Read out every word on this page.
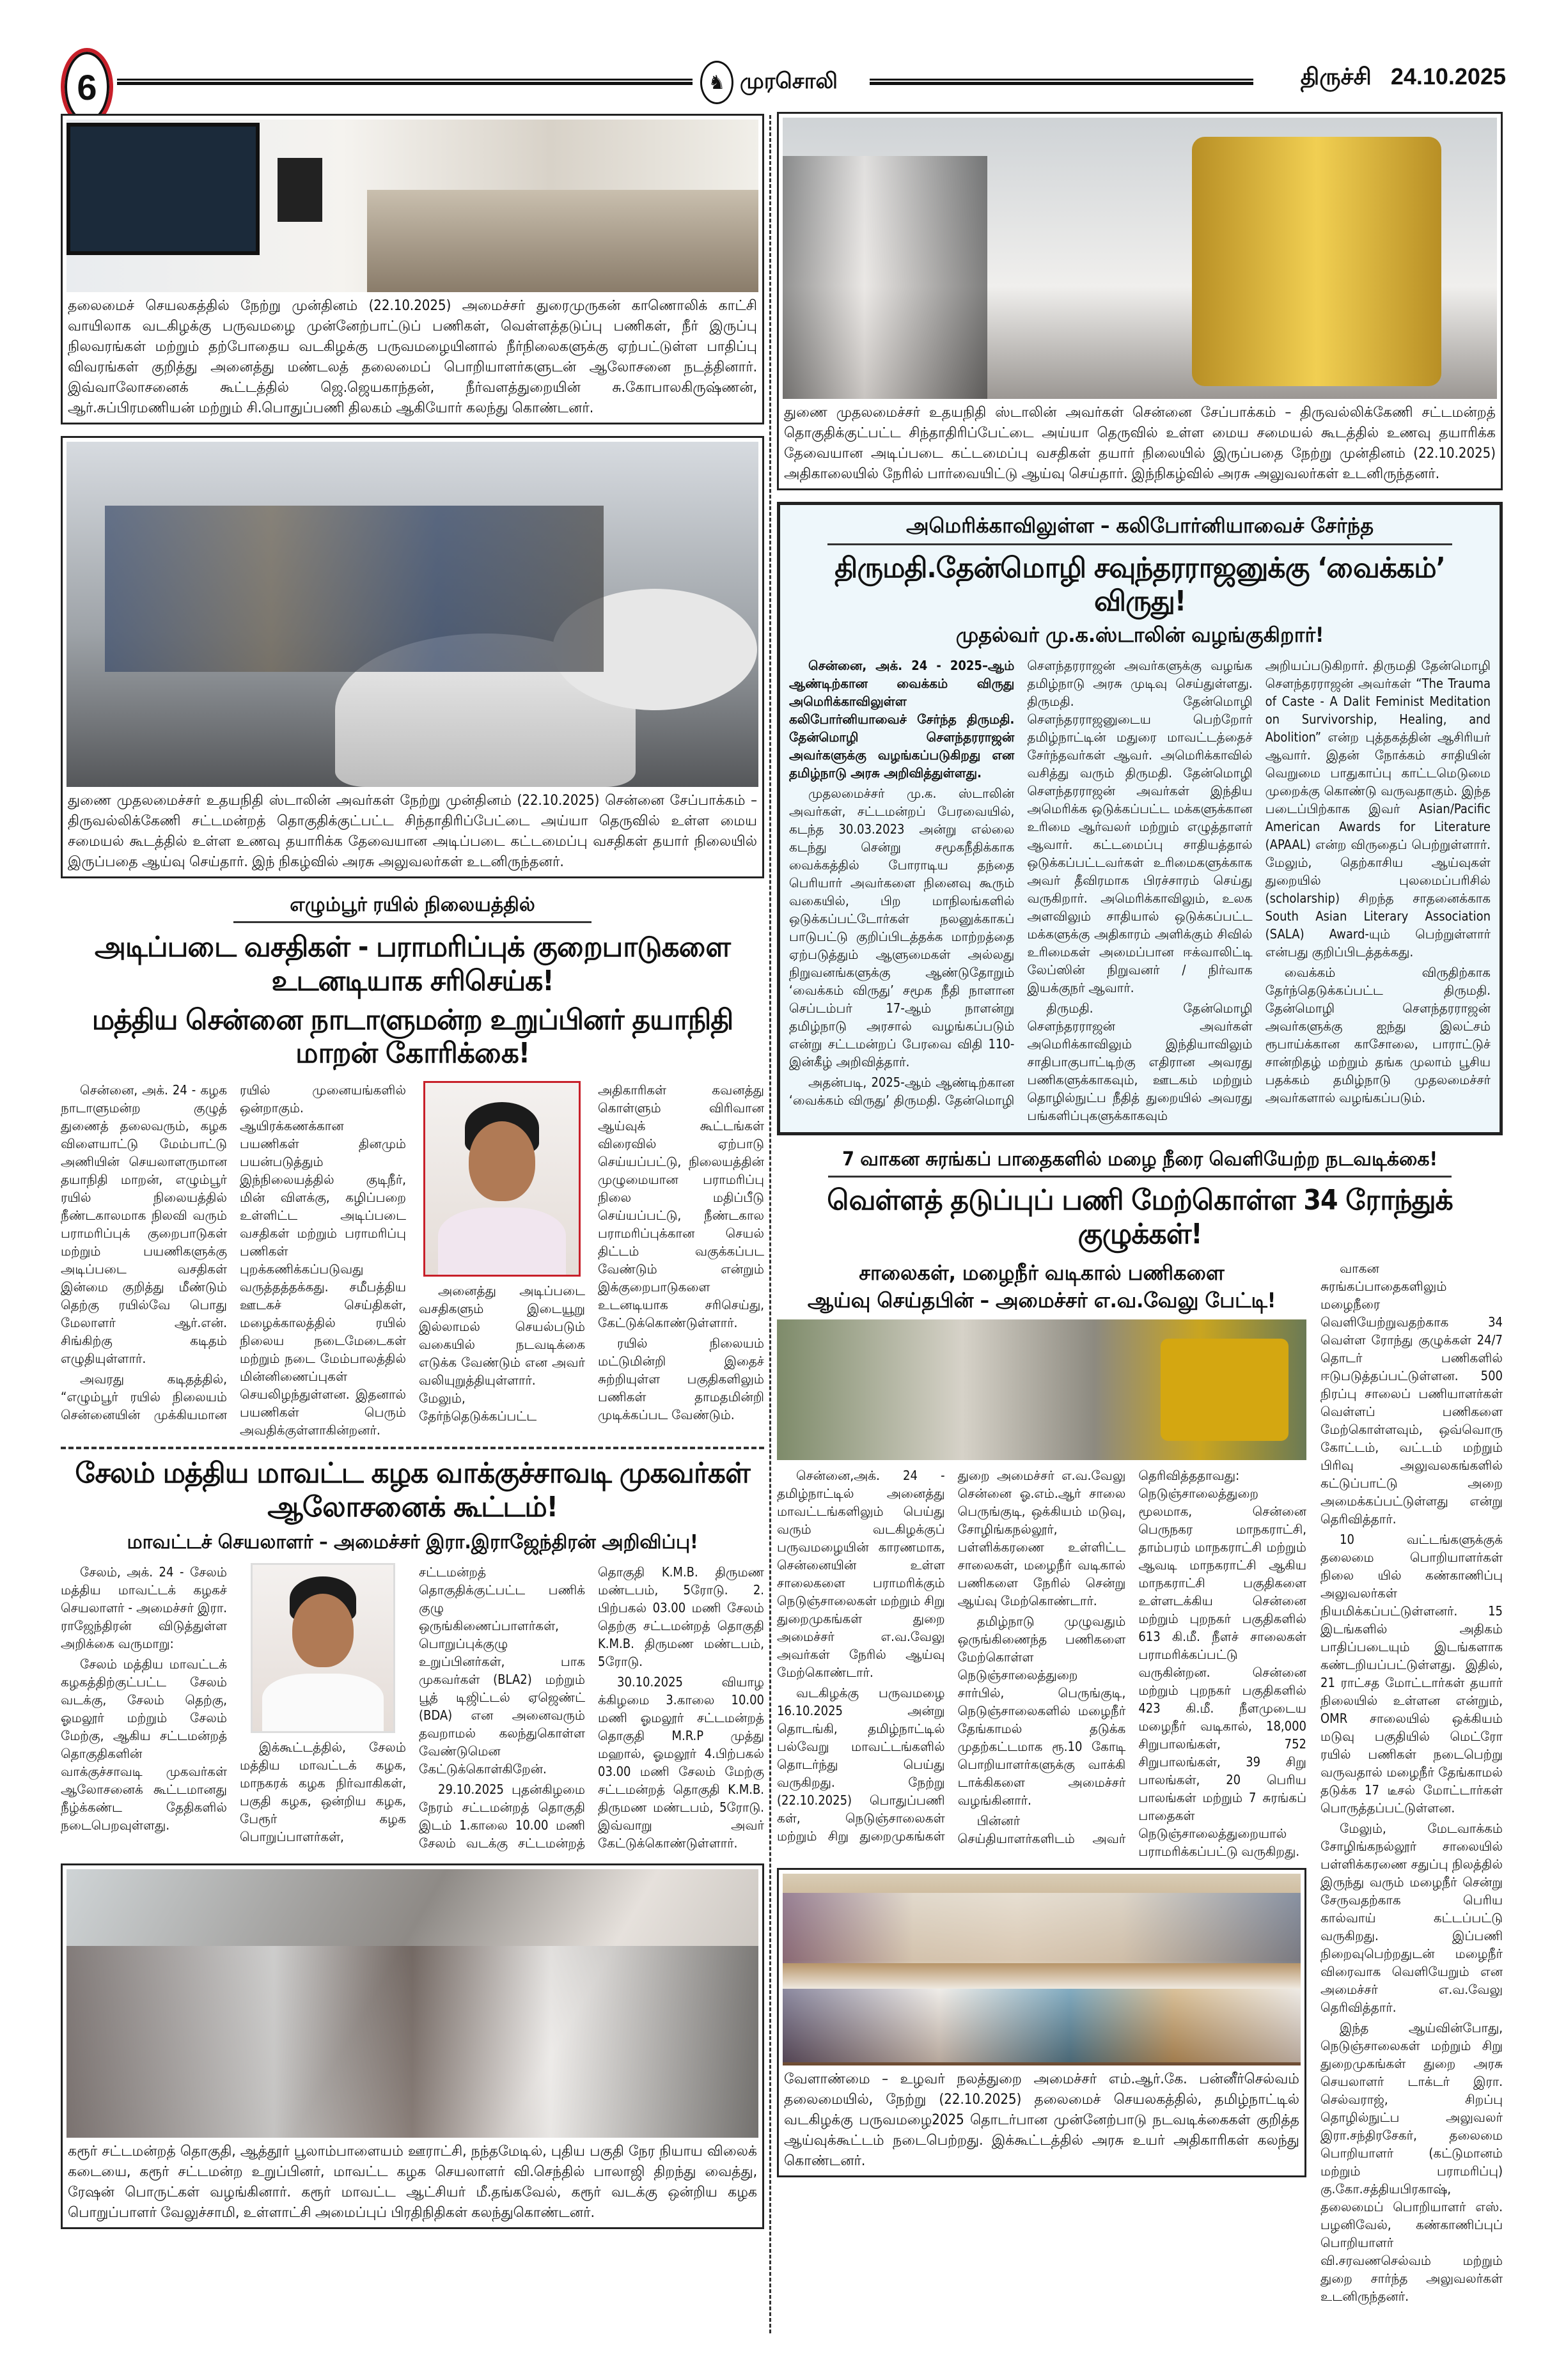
6	♞ முரசொலி	திருச்சி 24.10.2025
தலைமைச் செயலகத்தில் நேற்று முன்தினம் (22.10.2025) அமைச்சர் துரைமுருகன் காணொலிக் காட்சி வாயிலாக வடகிழக்கு பருவமழை முன்னேற்பாட்டுப் பணிகள், வெள்ளத்தடுப்பு பணிகள், நீர் இருப்பு நிலவரங்கள் மற்றும் தற்போதைய வடகிழக்கு பருவமழையினால் நீர்நிலைகளுக்கு ஏற்பட்டுள்ள பாதிப்பு விவரங்கள் குறித்து அனைத்து மண்டலத் தலைமைப் பொறியாளர்களுடன் ஆலோசனை நடத்தினார். இவ்வாலோசனைக் கூட்டத்தில் ஜெ.ஜெயகாந்தன், நீர்வளத்துறையின் சு.கோபாலகிருஷ்ணன், ஆர்.சுப்பிரமணியன் மற்றும் சி.பொதுப்பணி திலகம் ஆகியோர் கலந்து கொண்டனர்.
துணை முதலமைச்சர் உதயநிதி ஸ்டாலின் அவர்கள் நேற்று முன்தினம் (22.10.2025) சென்னை சேப்பாக்கம் – திருவல்லிக்கேணி சட்டமன்றத் தொகுதிக்குட்பட்ட சிந்தாதிரிப்பேட்டை அய்யா தெருவில் உள்ள மைய சமையல் கூடத்தில் உள்ள உணவு தயாரிக்க தேவையான அடிப்படை கட்டமைப்பு வசதிகள் தயார் நிலையில் இருப்பதை ஆய்வு செய்தார். இந் நிகழ்வில் அரசு அலுவலர்கள் உடனிருந்தனர்.
எழும்பூர் ரயில் நிலையத்தில்
அடிப்படை வசதிகள் - பராமரிப்புக் குறைபாடுகளை உடனடியாக சரிசெய்க!
மத்திய சென்னை நாடாளுமன்ற உறுப்பினர் தயாநிதி மாறன் கோரிக்கை!

சென்னை, அக். 24 - கழக நாடாளுமன்ற குழுத் துணைத் தலைவரும், கழக விளையாட்டு மேம்பாட்டு அணியின் செயலாளருமான தயாநிதி மாறன், எழும்பூர் ரயில் நிலையத்தில் நீண்டகாலமாக நிலவி வரும் பராமரிப்புக் குறைபாடுகள் மற்றும் பயணிகளுக்கு அடிப்படை வசதிகள் இன்மை குறித்து மீண்டும் தெற்கு ரயில்வே பொது மேலாளர் ஆர்.என். சிங்கிற்கு கடிதம் எழுதியுள்ளார்.

அவரது கடிதத்தில், “எழும்பூர் ரயில் நிலையம் சென்னையின் முக்கியமான ரயில் முனையங்களில் ஒன்றாகும். ஆயிரக்கணக்கான பயணிகள் தினமும் பயன்படுத்தும் இந்நிலையத்தில் குடிநீர், மின் விளக்கு, கழிப்பறை உள்ளிட்ட அடிப்படை வசதிகள் மற்றும் பராமரிப்பு பணிகள் புறக்கணிக்கப்படுவது வருத்தத்தக்கது. சமீபத்திய ஊடகச் செய்திகள், மழைக்காலத்தில் ரயில் நிலைய நடைமேடைகள் மற்றும் நடை மேம்பாலத்தில் மின்னிணைப்புகள் செயலிழந்துள்ளன. இதனால் பயணிகள் பெரும் அவதிக்குள்ளாகின்றனர்.

அனைத்து அடிப்படை வசதிகளும் இடையூறு இல்லாமல் செயல்படும் வகையில் நடவடிக்கை எடுக்க வேண்டும் என அவர் வலியுறுத்தியுள்ளார். மேலும், தேர்ந்தெடுக்கப்பட்ட அதிகாரிகள் கவனத்து கொள்ளும் விரிவான ஆய்வுக் கூட்டங்கள் விரைவில் ஏற்பாடு செய்யப்பட்டு, நிலையத்தின் முழுமையான பராமரிப்பு நிலை மதிப்பீடு செய்யப்பட்டு, நீண்டகால பராமரிப்புக்கான செயல் திட்டம் வகுக்கப்பட வேண்டும் என்றும் இக்குறைபாடுகளை உடனடியாக சரிசெய்து, கேட்டுக்கொண்டுள்ளார்.

ரயில் நிலையம் மட்டுமின்றி இதைச் சுற்றியுள்ள பகுதிகளிலும் பணிகள் தாமதமின்றி முடிக்கப்பட வேண்டும்.

சேலம் மத்திய மாவட்ட கழக வாக்குச்சாவடி முகவர்கள் ஆலோசனைக் கூட்டம்!
மாவட்டச் செயலாளர் – அமைச்சர் இரா.இராஜேந்திரன் அறிவிப்பு!

சேலம், அக். 24 - சேலம் மத்திய மாவட்டக் கழகச் செயலாளர் - அமைச்சர் இரா. ராஜேந்திரன் விடுத்துள்ள அறிக்கை வருமாறு:

சேலம் மத்திய மாவட்டக் கழகத்திற்குட்பட்ட சேலம் வடக்கு, சேலம் தெற்கு, ஓமலூர் மற்றும் சேலம் மேற்கு, ஆகிய சட்டமன்றத் தொகுதிகளின் வாக்குச்சாவடி முகவர்கள் ஆலோசனைக் கூட்டமானது நீழ்க்கண்ட தேதிகளில் நடைபெறவுள்ளது.

இக்கூட்டத்தில், சேலம் மத்திய மாவட்டக் கழக, மாநகரக் கழக நிர்வாகிகள், பகுதி கழக, ஒன்றிய கழக, பேரூர் கழக பொறுப்பாளர்கள், சட்டமன்றத் தொகுதிக்குட்பட்ட பணிக் குழு ஒருங்கிணைப்பாளர்கள், பொறுப்புக்குழு உறுப்பினர்கள், பாக முகவர்கள் (BLA2) மற்றும் பூத் டிஜிட்டல் ஏஜெண்ட் (BDA) என அனைவரும் தவறாமல் கலந்துகொள்ள வேண்டுமென கேட்டுக்கொள்கிறேன்.

29.10.2025 புதன்கிழமை நேரம் சட்டமன்றத் தொகுதி இடம் 1.காலை 10.00 மணி சேலம் வடக்கு சட்டமன்றத் தொகுதி K.M.B. திருமண மண்டபம், 5ரோடு. 2. பிற்பகல் 03.00 மணி சேலம் தெற்கு சட்டமன்றத் தொகுதி K.M.B. திருமண மண்டபம், 5ரோடு.

30.10.2025 வியாழ க்கிழமை 3.காலை 10.00 மணி ஓமலூர் சட்டமன்றத் தொகுதி M.R.P முத்து மஹால், ஓமலூர் 4.பிற்பகல் 03.00 மணி சேலம் மேற்கு சட்டமன்றத் தொகுதி K.M.B. திருமண மண்டபம், 5ரோடு. இவ்வாறு அவர் கேட்டுக்கொண்டுள்ளார்.

கரூர் சட்டமன்றத் தொகுதி, ஆத்தூர் பூலாம்பாளையம் ஊராட்சி, நந்தமேடில், புதிய பகுதி நேர நியாய விலைக் கடையை, கரூர் சட்டமன்ற உறுப்பினர், மாவட்ட கழக செயலாளர் வி.செந்தில் பாலாஜி திறந்து வைத்து, ரேஷன் பொருட்கள் வழங்கினார். கரூர் மாவட்ட ஆட்சியர் மீ.தங்கவேல், கரூர் வடக்கு ஒன்றிய கழக பொறுப்பாளர் வேலுச்சாமி, உள்ளாட்சி அமைப்புப் பிரதிநிதிகள் கலந்துகொண்டனர்.
துணை முதலமைச்சர் உதயநிதி ஸ்டாலின் அவர்கள் சென்னை சேப்பாக்கம் – திருவல்லிக்கேணி சட்டமன்றத் தொகுதிக்குட்பட்ட சிந்தாதிரிப்பேட்டை அய்யா தெருவில் உள்ள மைய சமையல் கூடத்தில் உணவு தயாரிக்க தேவையான அடிப்படை கட்டமைப்பு வசதிகள் தயார் நிலையில் இருப்பதை நேற்று முன்தினம் (22.10.2025) அதிகாலையில் நேரில் பார்வையிட்டு ஆய்வு செய்தார். இந்நிகழ்வில் அரசு அலுவலர்கள் உடனிருந்தனர்.
அமெரிக்காவிலுள்ள – கலிபோர்னியாவைச் சேர்ந்த
திருமதி.தேன்மொழி சவுந்தரராஜனுக்கு ‘வைக்கம்’ விருது!
முதல்வர் மு.க.ஸ்டாலின் வழங்குகிறார்!

சென்னை, அக். 24 - 2025–ஆம் ஆண்டிற்கான வைக்கம் விருது அமெரிக்காவிலுள்ள கலிபோர்னியாவைச் சேர்ந்த திருமதி. தேன்மொழி சௌந்தரராஜன் அவர்களுக்கு வழங்கப்படுகிறது என தமிழ்நாடு அரசு அறிவித்துள்ளது.

முதலமைச்சர் மு.க. ஸ்டாலின் அவர்கள், சட்டமன்றப் பேரவையில், கடந்த 30.03.2023 அன்று எல்லை கடந்து சென்று சமூகநீதிக்காக வைக்கத்தில் போராடிய தந்தை பெரியார் அவர்களை நினைவு கூரும் வகையில், பிற மாநிலங்களில் ஒடுக்கப்பட்டோர்கள் நலனுக்காகப் பாடுபட்டு குறிப்பிடத்தக்க மாற்றத்தை ஏற்படுத்தும் ஆளுமைகள் அல்லது நிறுவனங்களுக்கு ஆண்டுதோறும் ‘வைக்கம் விருது’ சமூக நீதி நாளான செப்டம்பர் 17-ஆம் நாளன்று தமிழ்நாடு அரசால் வழங்கப்படும் என்று சட்டமன்றப் பேரவை விதி 110-இன்கீழ் அறிவித்தார்.

அதன்படி, 2025-ஆம் ஆண்டிற்கான ‘வைக்கம் விருது’ திருமதி. தேன்மொழி சௌந்தரராஜன் அவர்களுக்கு வழங்க தமிழ்நாடு அரசு முடிவு செய்துள்ளது. திருமதி. தேன்மொழி சௌந்தரராஜனுடைய பெற்றோர் தமிழ்நாட்டின் மதுரை மாவட்டத்தைச் சேர்ந்தவர்கள் ஆவர். அமெரிக்காவில் வசித்து வரும் திருமதி. தேன்மொழி சௌந்தரராஜன் அவர்கள் இந்திய அமெரிக்க ஒடுக்கப்பட்ட மக்களுக்கான உரிமை ஆர்வலர் மற்றும் எழுத்தாளர் ஆவார். கட்டமைப்பு சாதியத்தால் ஒடுக்கப்பட்டவர்கள் உரிமைகளுக்காக அவர் தீவிரமாக பிரச்சாரம் செய்து வருகிறார். அமெரிக்காவிலும், உலக அளவிலும் சாதியால் ஒடுக்கப்பட்ட மக்களுக்கு அதிகாரம் அளிக்கும் சிவில் உரிமைகள் அமைப்பான ஈக்வாலிட்டி லேப்ஸின் நிறுவனர் / நிர்வாக இயக்குநர் ஆவார்.

திருமதி. தேன்மொழி சௌந்தரராஜன் அவர்கள் அமெரிக்காவிலும் இந்தியாவிலும் சாதிபாகுபாட்டிற்கு எதிரான அவரது பணிகளுக்காகவும், ஊடகம் மற்றும் தொழில்நுட்ப நீதித் துறையில் அவரது பங்களிப்புகளுக்காகவும் அறியப்படுகிறார். திருமதி தேன்மொழி சௌந்தரராஜன் அவர்கள் “The Trauma of Caste - A Dalit Feminist Meditation on Survivorship, Healing, and Abolition” என்ற புத்தகத்தின் ஆசிரியர் ஆவார். இதன் நோக்கம் சாதியின் வெறுமை பாதுகாப்பு காட்டமெடுமை முறைக்கு கொண்டு வருவதாகும். இந்த படைப்பிற்காக இவர் Asian/Pacific American Awards for Literature (APAAL) என்ற விருதைப் பெற்றுள்ளார். மேலும், தெற்காசிய ஆய்வுகள் துறையில் புலமைப்பரிசில் (scholarship) சிறந்த சாதனைக்காக South Asian Literary Association (SALA) Award-யும் பெற்றுள்ளார் என்பது குறிப்பிடத்தக்கது.

வைக்கம் விருதிற்காக தேர்ந்தெடுக்கப்பட்ட திருமதி. தேன்மொழி சௌந்தரராஜன் அவர்களுக்கு ஐந்து இலட்சம் ரூபாய்க்கான காசோலை, பாராட்டுச் சான்றிதழ் மற்றும் தங்க முலாம் பூசிய பதக்கம் தமிழ்நாடு முதலமைச்சர் அவர்களால் வழங்கப்படும்.

7 வாகன சுரங்கப் பாதைகளில் மழை நீரை வெளியேற்ற நடவடிக்கை!
வெள்ளத் தடுப்புப் பணி மேற்கொள்ள 34 ரோந்துக் குழுக்கள்!
சாலைகள், மழைநீர் வடிகால் பணிகளை
ஆய்வு செய்தபின் – அமைச்சர் எ.வ.வேலு பேட்டி!

சென்னை,அக். 24 - தமிழ்நாட்டில் அனைத்து மாவட்டங்களிலும் பெய்து வரும் வடகிழக்குப் பருவமழையின் காரணமாக, சென்னையின் உள்ள சாலைகளை பராமரிக்கும் நெடுஞ்சாலைகள் மற்றும் சிறு துறைமுகங்கள் துறை அமைச்சர் எ.வ.வேலு அவர்கள் நேரில் ஆய்வு மேற்கொண்டார்.

வடகிழக்கு பருவமழை 16.10.2025 அன்று தொடங்கி, தமிழ்நாட்டில் பல்வேறு மாவட்டங்களில் தொடர்ந்து பெய்து வருகிறது. நேற்று (22.10.2025) பொதுப்பணி கள், நெடுஞ்சாலைகள் மற்றும் சிறு துறைமுகங்கள் துறை அமைச்சர் எ.வ.வேலு சென்னை ஓ.எம்.ஆர் சாலை பெருங்குடி, ஒக்கியம் மடுவு, சோழிங்கநல்லூர், பள்ளிக்கரணை உள்ளிட்ட சாலைகள், மழைநீர் வடிகால் பணிகளை நேரில் சென்று ஆய்வு மேற்கொண்டார்.

தமிழ்நாடு முழுவதும் ஒருங்கிணைந்த பணிகளை மேற்கொள்ள நெடுஞ்சாலைத்துறை சார்பில், பெருங்குடி, நெடுஞ்சாலைகளில் மழைநீர் தேங்காமல் தடுக்க முதற்கட்டமாக ரூ.10 கோடி பொறியாளர்களுக்கு வாக்கி டாக்கிகளை அமைச்சர் வழங்கினார்.

பின்னர் செய்தியாளர்களிடம் அவர் தெரிவித்ததாவது: நெடுஞ்சாலைத்துறை மூலமாக, சென்னை பெருநகர மாநகராட்சி, தாம்பரம் மாநகராட்சி மற்றும் ஆவடி மாநகராட்சி ஆகிய மாநகராட்சி பகுதிகளை உள்ளடக்கிய சென்னை மற்றும் புறநகர் பகுதிகளில் 613 கி.மீ. நீளச் சாலைகள் பராமரிக்கப்பட்டு வருகின்றன. சென்னை மற்றும் புறநகர் பகுதிகளில் 423 கி.மீ. நீளமுடைய மழைநீர் வடிகால், 18,000 சிறுபாலங்கள், 752 சிறுபாலங்கள், 39 சிறு பாலங்கள், 20 பெரிய பாலங்கள் மற்றும் 7 சுரங்கப் பாதைகள் நெடுஞ்சாலைத்துறையால் பராமரிக்கப்பட்டு வருகிறது.

வேளாண்மை – உழவர் நலத்துறை அமைச்சர் எம்.ஆர்.கே. பன்னீர்செல்வம் தலைமையில், நேற்று (22.10.2025) தலைமைச் செயலகத்தில், தமிழ்நாட்டில் வடகிழக்கு பருவமழை2025 தொடர்பான முன்னேற்பாடு நடவடிக்கைகள் குறித்த ஆய்வுக்கூட்டம் நடைபெற்றது. இக்கூட்டத்தில் அரசு உயர் அதிகாரிகள் கலந்து கொண்டனர்.

வாகன சுரங்கப்பாதைகளிலும் மழைநீரை வெளியேற்றுவதற்காக 34 வெள்ள ரோந்து குழுக்கள் 24/7 தொடர் பணிகளில் ஈடுபடுத்தப்பட்டுள்ளன. 500 நிரப்பு சாலைப் பணியாளர்கள் வெள்ளப் பணிகளை மேற்கொள்ளவும், ஒவ்வொரு கோட்டம், வட்டம் மற்றும் பிரிவு அலுவலகங்களில் கட்டுப்பாட்டு அறை அமைக்கப்பட்டுள்ளது என்று தெரிவித்தார்.

10 வட்டங்களுக்குக் தலைமை பொறியாளர்கள் நிலை யில் கண்காணிப்பு அலுவலர்கள் நியமிக்கப்பட்டுள்ளனர். 15 இடங்களில் அதிகம் பாதிப்படையும் இடங்களாக கண்டறியப்பட்டுள்ளது. இதில், 21 ராட்சத மோட்டார்கள் தயார் நிலையில் உள்ளன என்றும், OMR சாலையில் ஒக்கியம் மடுவு பகுதியில் மெட்ரோ ரயில் பணிகள் நடைபெற்று வருவதால் மழைநீர் தேங்காமல் தடுக்க 17 டீசல் மோட்டார்கள் பொருத்தப்பட்டுள்ளன.

மேலும், மேடவாக்கம் சோழிங்கநல்லூர் சாலையில் பள்ளிக்கரணை சதுப்பு நிலத்தில் இருந்து வரும் மழைநீர் சென்று சேருவதற்காக பெரிய கால்வாய் கட்டப்பட்டு வருகிறது. இப்பணி நிறைவுபெற்றதுடன் மழைநீர் விரைவாக வெளியேறும் என அமைச்சர் எ.வ.வேலு தெரிவித்தார்.

இந்த ஆய்வின்போது, நெடுஞ்சாலைகள் மற்றும் சிறு துறைமுகங்கள் துறை அரசு செயலாளர் டாக்டர் இரா. செல்வராஜ், சிறப்பு தொழில்நுட்ப அலுவலர் இரா.சந்திரசேகர், தலைமை பொறியாளர் (கட்டுமானம் மற்றும் பராமரிப்பு) கு.கோ.சத்தியபிரகாஷ், தலைமைப் பொறியாளர் எஸ். பழனிவேல், கண்காணிப்புப் பொறியாளர் வி.சரவணசெல்வம் மற்றும் துறை சார்ந்த அலுவலர்கள் உடனிருந்தனர்.
